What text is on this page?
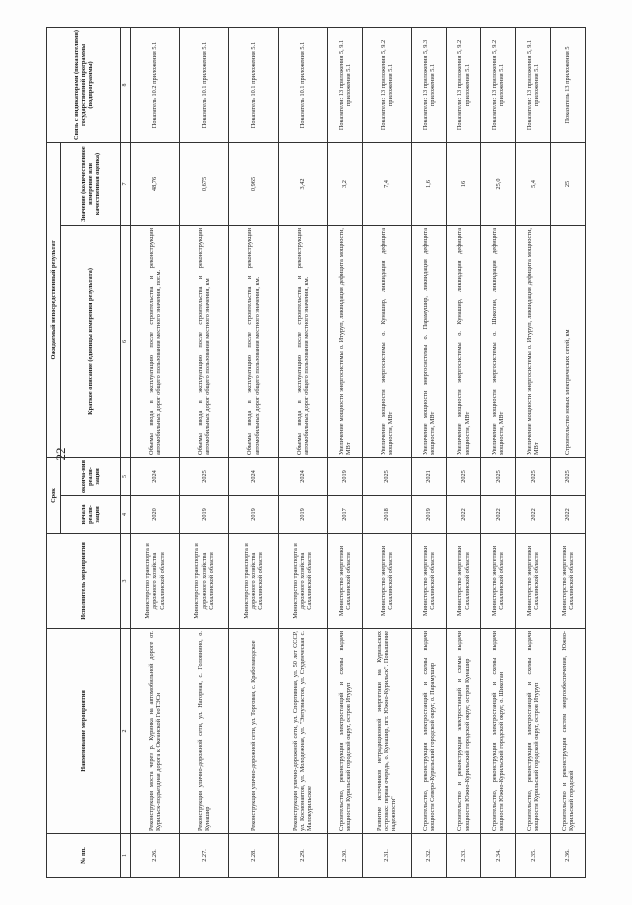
22
№ пп.	Наименование мероприятия	Исполнитель мероприятия	Срок		Ожидаемый непосредственный результат		Связь с индикаторами (показателями) государственной программы (подпрограммы)
			начала реали-зации	оконча-ния реали-зации	Краткое описание (единицы измерения результата)	Значение (количественное измерение или качественная оценка)	

1	2	3	4	5	6	7	8
2.26.	Реконструкция моста через р. Куринка на автомобильной дороге от. Курильск-подъездная дорога к Океанской ГеоТЭСн	Министерство транспорта и дорожного хозяйства Сахалинской области	2020	2024	Объемы ввода в эксплуатацию после строительства и реконструкции автомобильных дорог общего пользования местного значения, пог.м.	48,76	Показатель 10.2 приложения 5.1
2.27.	Реконструкция улично-дорожной сети, ул. Нагорная, с. Головнино, о. Кунашир	Министерство транспорта и дорожного хозяйства Сахалинской области	2019	2025	Объемы ввода в эксплуатацию после строительства и реконструкции автомобильных дорог общего пользования местного значения, км	0,675	Показатель 10.1 приложения 5.1
2.28.	Реконструкция улично-дорожной сети, ул. Торговая, с. Крабозаводское	Министерство транспорта и дорожного хозяйства Сахалинской области	2019	2024	Объемы ввода в эксплуатацию после строительства и реконструкции автомобильных дорог общего пользования местного значения, км.	0,965	Показатель 10.1 приложения 5.1
2.29.	Реконструкция улично-дорожной сети, ул. Спортивная, ул. 50 лет СССР, ул. Космонавтов, ул. Молодежная, ул. "Энтузиастов, ул. Студенческая с. Малокурильское	Министерство транспорта и дорожного хозяйства Сахалинской области	2019	2024	Объемы ввода в эксплуатацию после строительства и реконструкции автомобильных дорог общего пользования местного значения, км.	3,42	Показатель 10.1 приложения 5.1
2.30.	Строительство, реконструкция электростанций и схемы выдачи мощности Курильский городской округ, остров Итуруп	Министерство энергетики Сахалинской области	2017	2019	Увеличение мощности энергосистемы о. Итуруп, ликвидация дефицита мощности, МВт	3,2	Показатели: 13 приложения 5, 9.1 приложения 5.1
2.31.	Развитие источников нетрадиционной энергетики на Курильских островах: первая очередь, о. Кунашир, пгт. Южно-Курильск". Повышение надежности"	Министерство энергетики Сахалинской области	2018	2025	Увеличение мощности энергосистемы о. Кунашир, ликвидация дефицита мощности, МВт	7,4	Показатели: 13 приложения 5, 9.2 приложения 5.1
2.32.	Строительство, реконструкция электростанций и схемы выдачи мощности Северо-Курильский городской округ, о. Парамушир	Министерство энергетики Сахалинской области	2019	2021	Увеличение мощности энергосистемы о. Парамушир, ликвидация дефицита мощности, МВт	1,6	Показатели: 13 приложения 5, 9.3 приложения 5.1
2.33.	Строительство и реконструкция электростанций и схемы выдачи мощности Южно-Курильский городской округ, остров Кунашир	Министерство энергетики Сахалинской области	2022	2025	Увеличение мощности энергосистемы о. Кунашир, ликвидация дефицита мощности, МВт	16	Показатели: 13 приложения 5, 9.2 приложения 5.1
2.34.	Строительство, реконструкция электростанций и схемы выдачи мощности Южно-Курильский городской округ, о. Шикотан	Министерство энергетики Сахалинской области	2022	2025	Увеличение мощности энергосистемы о. Шикотан, ликвидация дефицита мощности, МВт	25,0	Показатели: 13 приложения 5, 9.2 приложения 5.1
2.35.	Строительство, реконструкция электростанций и схемы выдачи мощности Курильский городской округ, остров Итуруп	Министерство энергетики Сахалинской области	2022	2025	Увеличение мощности энергосистемы о. Итуруп, ликвидация дефицита мощности, МВт	5,4	Показатели: 13 приложения 5, 9.1 приложения 5.1
2.36.	Строительство и реконструкция систем энергообеспечения, Южно-Курильский городской	Министерство энергетики Сахалинской области	2022	2025	Строительство новых электрических сетей, км	25	Показатель 13 приложения 5
